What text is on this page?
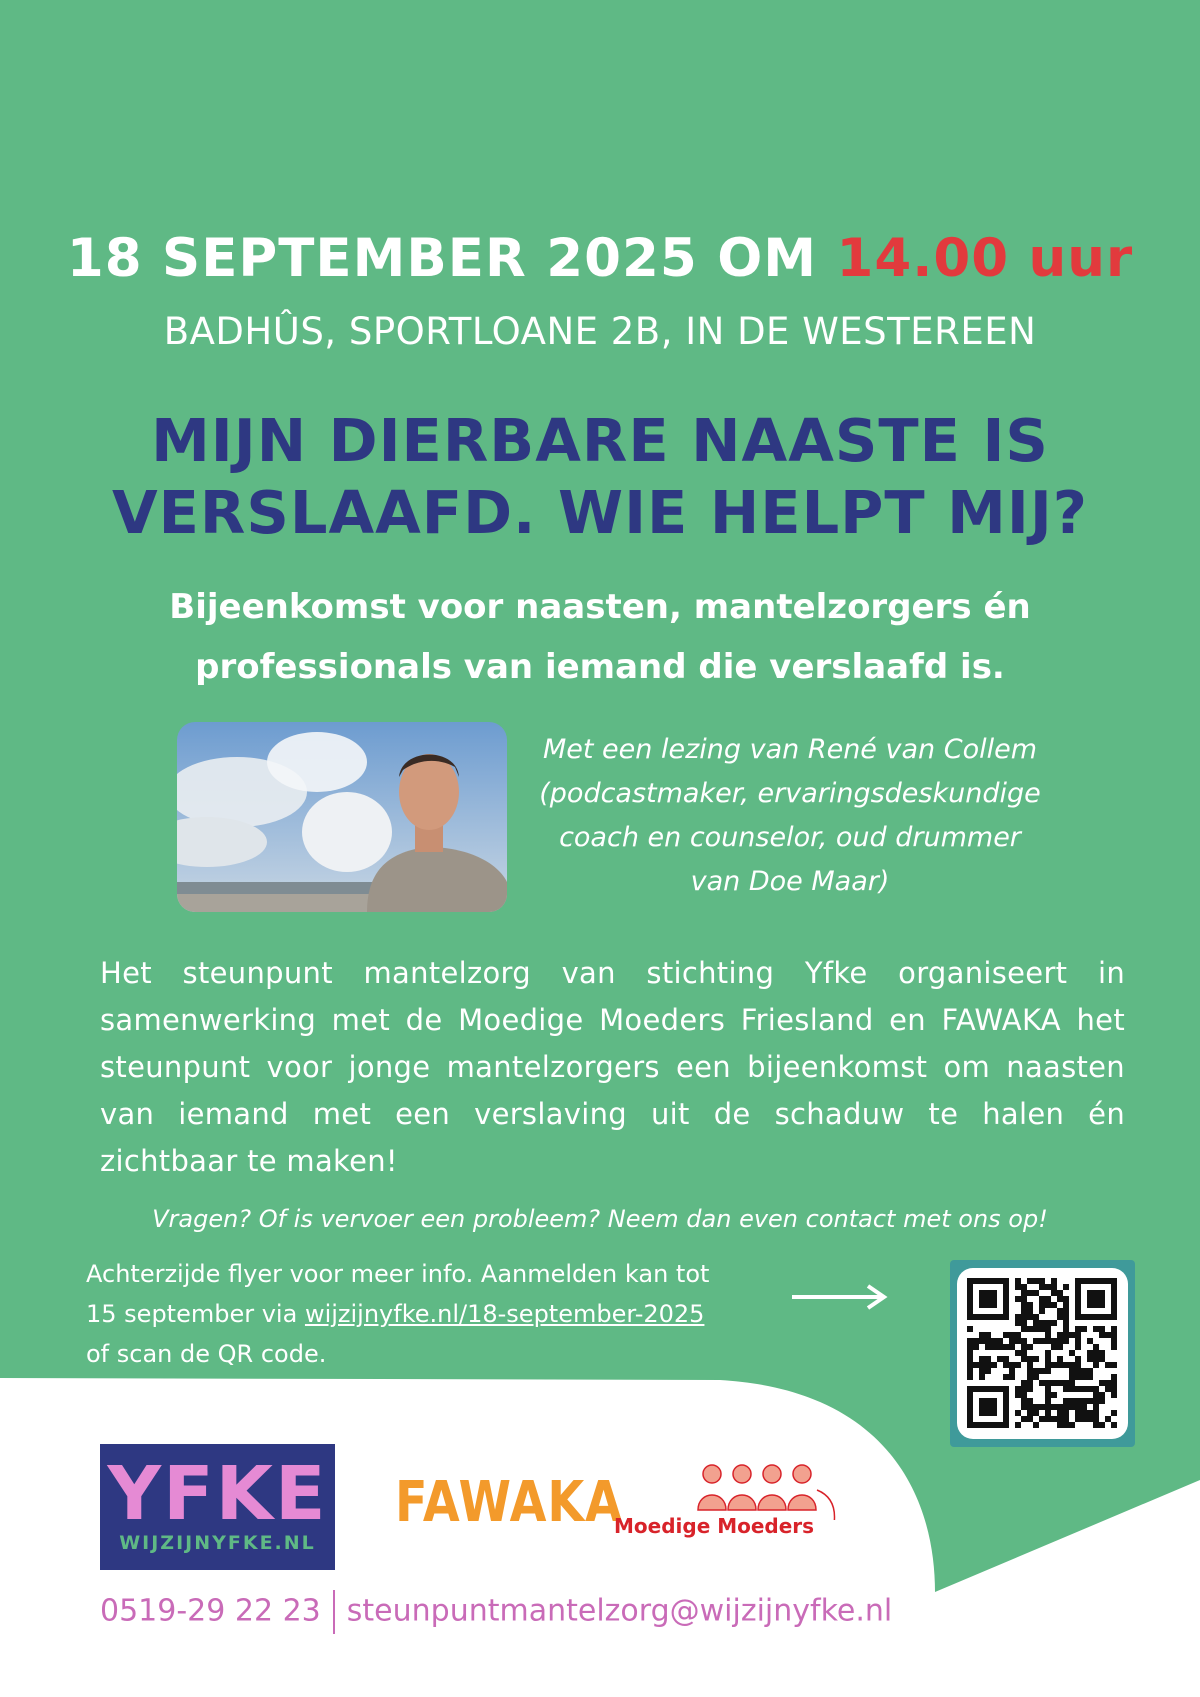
18 SEPTEMBER 2025 OM 14.00 uur
BADHÛS, SPORTLOANE 2B, IN DE WESTEREEN
MIJN DIERBARE NAASTE IS
VERSLAAFD. WIE HELPT MIJ?
Bijeenkomst voor naasten, mantelzorgers én
professionals van iemand die verslaafd is.
Met een lezing van René van Collem
(podcastmaker, ervaringsdeskundige
coach en counselor, oud drummer
van Doe Maar)
Het steunpunt mantelzorg van stichting Yfke organiseert in samenwerking met de Moedige Moeders Friesland en FAWAKA het steunpunt voor jonge mantelzorgers een bijeenkomst om naasten van iemand met een verslaving uit de schaduw te halen én zichtbaar te maken!
Vragen? Of is vervoer een probleem? Neem dan even contact met ons op!
Achterzijde flyer voor meer info. Aanmelden kan tot
15 september via wijzijnyfke.nl/18-september-2025
of scan de QR code.
YFKE
WIJZIJNYFKE.NL
FAWAKA
Moedige Moeders
0519-29 22 23 steunpuntmantelzorg@wijzijnyfke.nl
